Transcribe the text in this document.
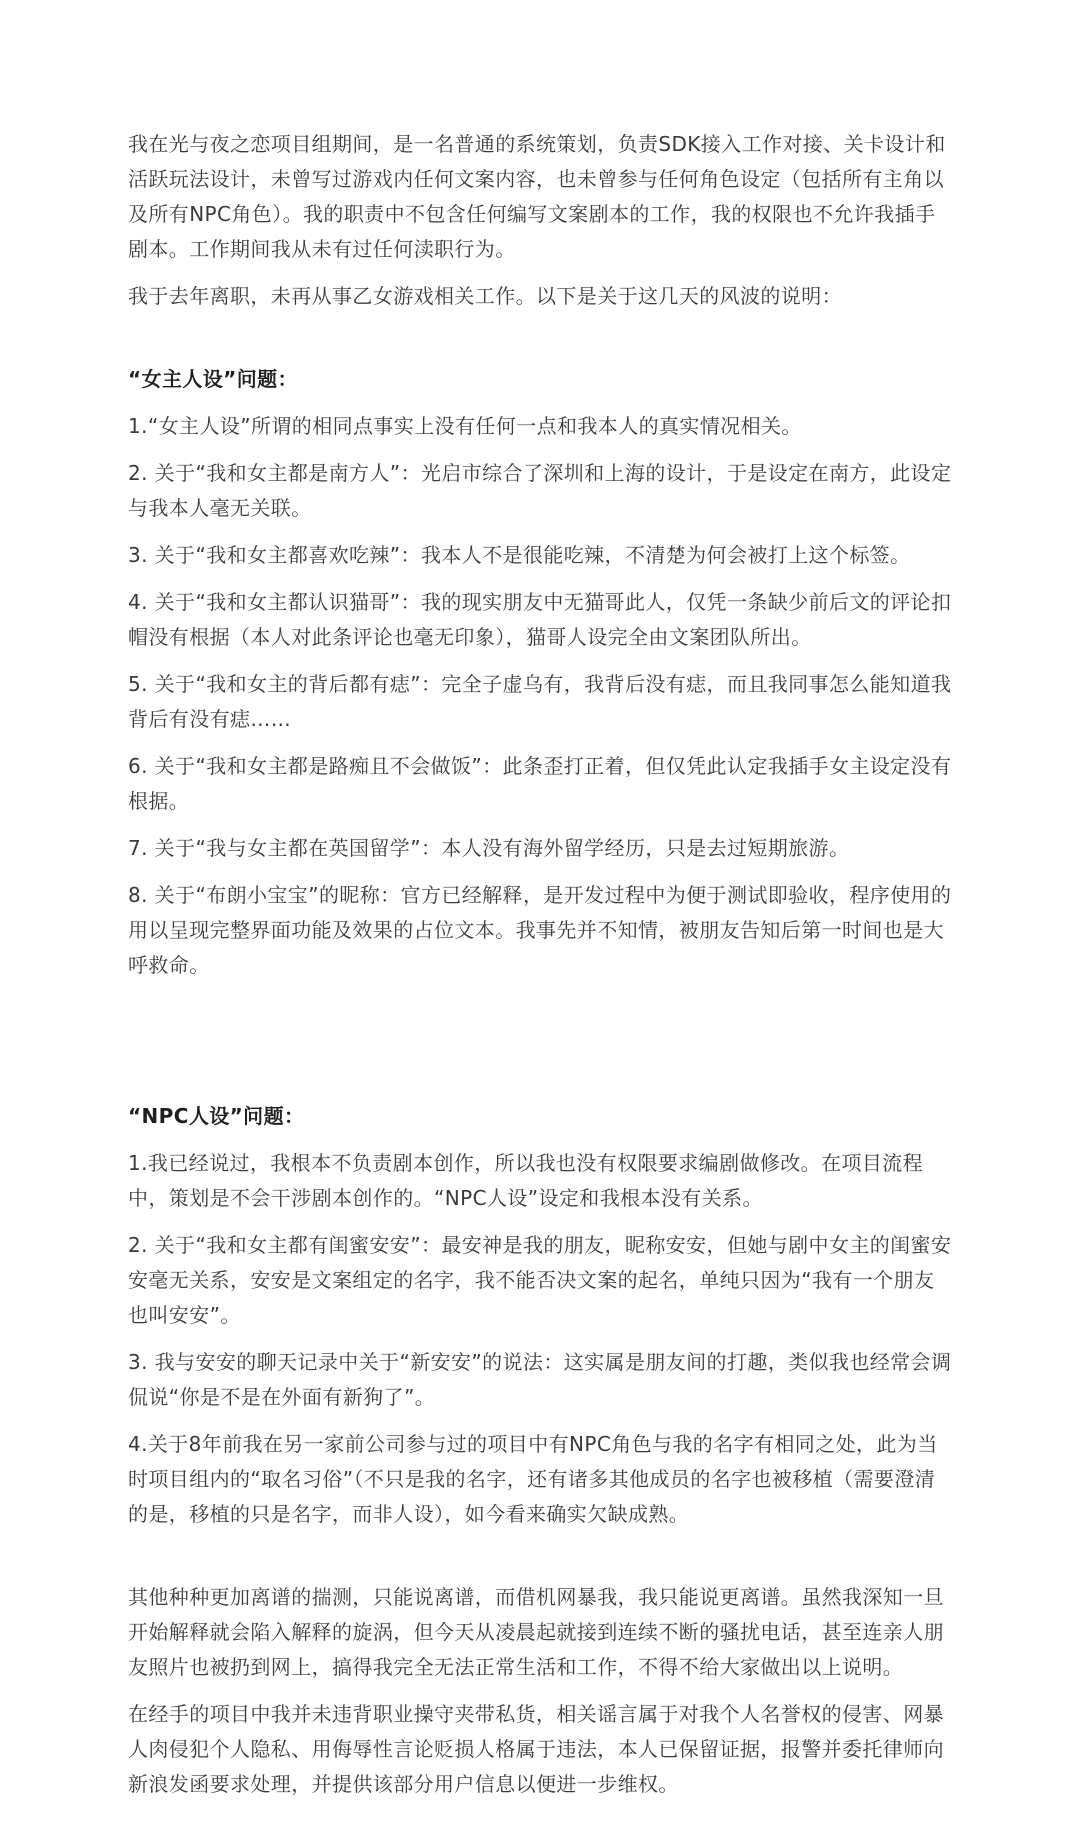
我在光与夜之恋项目组期间，是一名普通的系统策划，负责SDK接入工作对接、关卡设计和活跃玩法设计，未曾写过游戏内任何文案内容，也未曾参与任何角色设定（包括所有主角以及所有NPC角色）。我的职责中不包含任何编写文案剧本的工作，我的权限也不允许我插手剧本。工作期间我从未有过任何渎职行为。

我于去年离职，未再从事乙女游戏相关工作。以下是关于这几天的风波的说明：

“女主人设”问题：

1.“女主人设”所谓的相同点事实上没有任何一点和我本人的真实情况相关。

2. 关于“我和女主都是南方人”：光启市综合了深圳和上海的设计，于是设定在南方，此设定与我本人毫无关联。

3. 关于“我和女主都喜欢吃辣”：我本人不是很能吃辣，不清楚为何会被打上这个标签。

4. 关于“我和女主都认识猫哥”：我的现实朋友中无猫哥此人，仅凭一条缺少前后文的评论扣帽没有根据（本人对此条评论也毫无印象），猫哥人设完全由文案团队所出。

5. 关于“我和女主的背后都有痣”：完全子虚乌有，我背后没有痣，而且我同事怎么能知道我背后有没有痣……

6. 关于“我和女主都是路痴且不会做饭”：此条歪打正着，但仅凭此认定我插手女主设定没有根据。

7. 关于“我与女主都在英国留学”：本人没有海外留学经历，只是去过短期旅游。

8. 关于“布朗小宝宝”的昵称：官方已经解释，是开发过程中为便于测试即验收，程序使用的用以呈现完整界面功能及效果的占位文本。我事先并不知情，被朋友告知后第一时间也是大呼救命。

“NPC人设”问题：

1.我已经说过，我根本不负责剧本创作，所以我也没有权限要求编剧做修改。在项目流程中，策划是不会干涉剧本创作的。“NPC人设”设定和我根本没有关系。

2. 关于“我和女主都有闺蜜安安”：最安神是我的朋友，昵称安安，但她与剧中女主的闺蜜安安毫无关系，安安是文案组定的名字，我不能否决文案的起名，单纯只因为“我有一个朋友也叫安安”。

3. 我与安安的聊天记录中关于“新安安”的说法：这实属是朋友间的打趣，类似我也经常会调侃说“你是不是在外面有新狗了”。

4.关于8年前我在另一家前公司参与过的项目中有NPC角色与我的名字有相同之处，此为当时项目组内的“取名习俗”（不只是我的名字，还有诸多其他成员的名字也被移植（需要澄清的是，移植的只是名字，而非人设），如今看来确实欠缺成熟。

其他种种更加离谱的揣测，只能说离谱，而借机网暴我，我只能说更离谱。虽然我深知一旦开始解释就会陷入解释的旋涡，但今天从凌晨起就接到连续不断的骚扰电话，甚至连亲人朋友照片也被扔到网上，搞得我完全无法正常生活和工作，不得不给大家做出以上说明。

在经手的项目中我并未违背职业操守夹带私货，相关谣言属于对我个人名誉权的侵害、网暴人肉侵犯个人隐私、用侮辱性言论贬损人格属于违法，本人已保留证据，报警并委托律师向新浪发函要求处理，并提供该部分用户信息以便进一步维权。
